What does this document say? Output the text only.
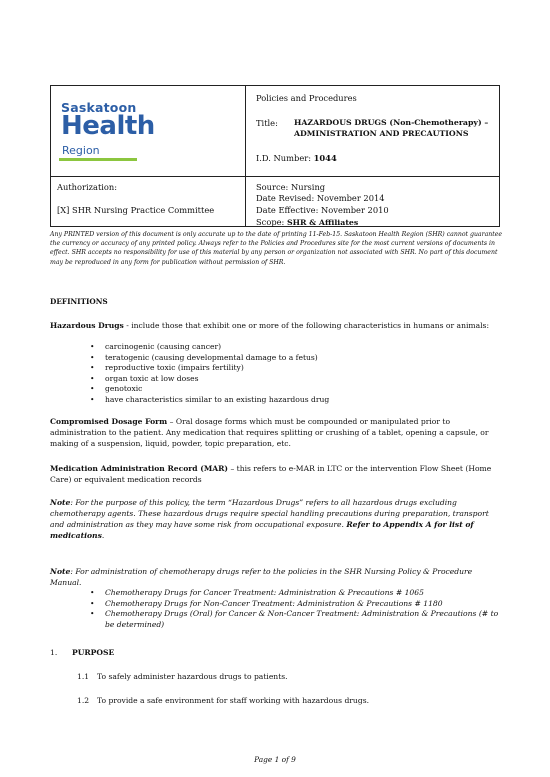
Saskatoon
Health
Region
Policies and Procedures
Title:	HAZARDOUS DRUGS (Non-Chemotherapy) – ADMINISTRATION AND PRECAUTIONS
I.D. Number: 1044
Authorization:
[X] SHR Nursing Practice Committee
Source: Nursing
Date Revised: November 2014
Date Effective: November 2010
Scope: SHR & Affiliates
Any PRINTED version of this document is only accurate up to the date of printing 11-Feb-15. Saskatoon Health Region (SHR) cannot guarantee the currency or accuracy of any printed policy. Always refer to the Policies and Procedures site for the most current versions of documents in effect. SHR accepts no responsibility for use of this material by any person or organization not associated with SHR. No part of this document may be reproduced in any form for publication without permission of SHR.
DEFINITIONS
Hazardous Drugs - include those that exhibit one or more of the following characteristics in humans or animals:
• carcinogenic (causing cancer)
• teratogenic (causing developmental damage to a fetus)
• reproductive toxic (impairs fertility)
• organ toxic at low doses
• genotoxic
• have characteristics similar to an existing hazardous drug
Compromised Dosage Form – Oral dosage forms which must be compounded or manipulated prior to administration to the patient. Any medication that requires splitting or crushing of a tablet, opening a capsule, or making of a suspension, liquid, powder, topic preparation, etc.
Medication Administration Record (MAR) – this refers to e-MAR in LTC or the intervention Flow Sheet (Home Care) or equivalent medication records
Note: For the purpose of this policy, the term “Hazardous Drugs” refers to all hazardous drugs excluding chemotherapy agents. These hazardous drugs require special handling precautions during preparation, transport and administration as they may have some risk from occupational exposure. Refer to Appendix A for list of medications.
Note: For administration of chemotherapy drugs refer to the policies in the SHR Nursing Policy & Procedure Manual.
• Chemotherapy Drugs for Cancer Treatment: Administration & Precautions # 1065
• Chemotherapy Drugs for Non-Cancer Treatment: Administration & Precautions # 1180
• Chemotherapy Drugs (Oral) for Cancer & Non-Cancer Treatment: Administration & Precautions (# to be determined)
1. PURPOSE
1.1 To safely administer hazardous drugs to patients.
1.2 To provide a safe environment for staff working with hazardous drugs.
Page 1 of 9
